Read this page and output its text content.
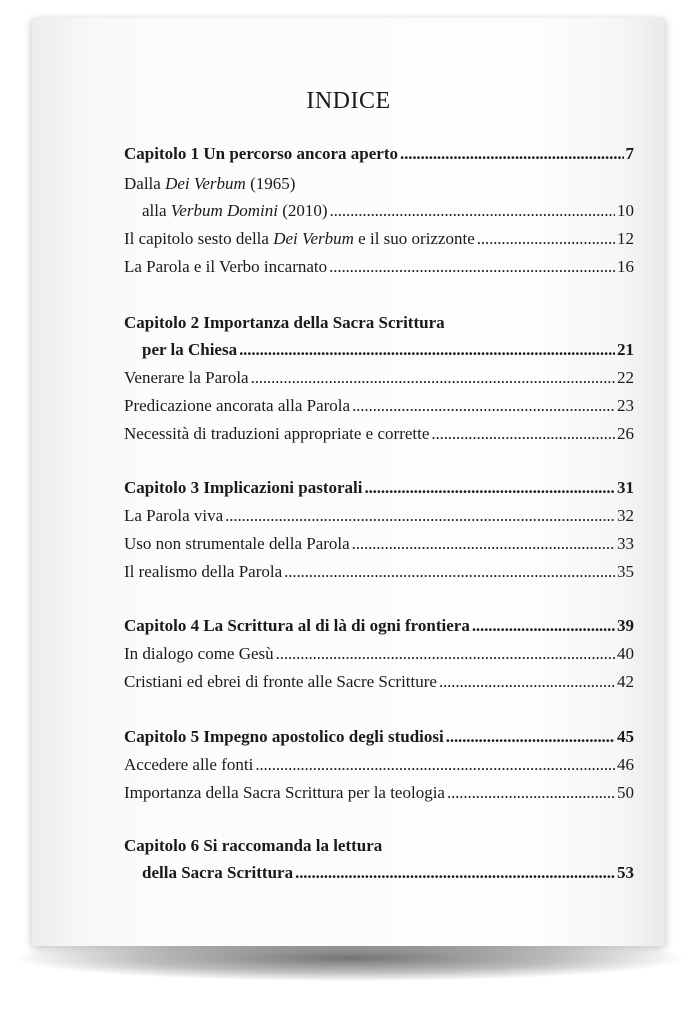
INDICE
Capitolo 1 Un percorso ancora aperto . . .	7
Dalla Dei Verbum (1965)
alla Verbum Domini (2010) . . .	10
Il capitolo sesto della Dei Verbum e il suo orizzonte . . .	12
La Parola e il Verbo incarnato . . .	16
Capitolo 2 Importanza della Sacra Scrittura
per la Chiesa . . .	21
Venerare la Parola . . .	22
Predicazione ancorata alla Parola . . .	23
Necessità di traduzioni appropriate e corrette . . .	26
Capitolo 3 Implicazioni pastorali . . .	31
La Parola viva . . .	32
Uso non strumentale della Parola . . .	33
Il realismo della Parola . . .	35
Capitolo 4 La Scrittura al di là di ogni frontiera . . .	39
In dialogo come Gesù . . .	40
Cristiani ed ebrei di fronte alle Sacre Scritture . . .	42
Capitolo 5 Impegno apostolico degli studiosi . . .	45
Accedere alle fonti . . .	46
Importanza della Sacra Scrittura per la teologia . . .	50
Capitolo 6 Si raccomanda la lettura
della Sacra Scrittura . . .	53
